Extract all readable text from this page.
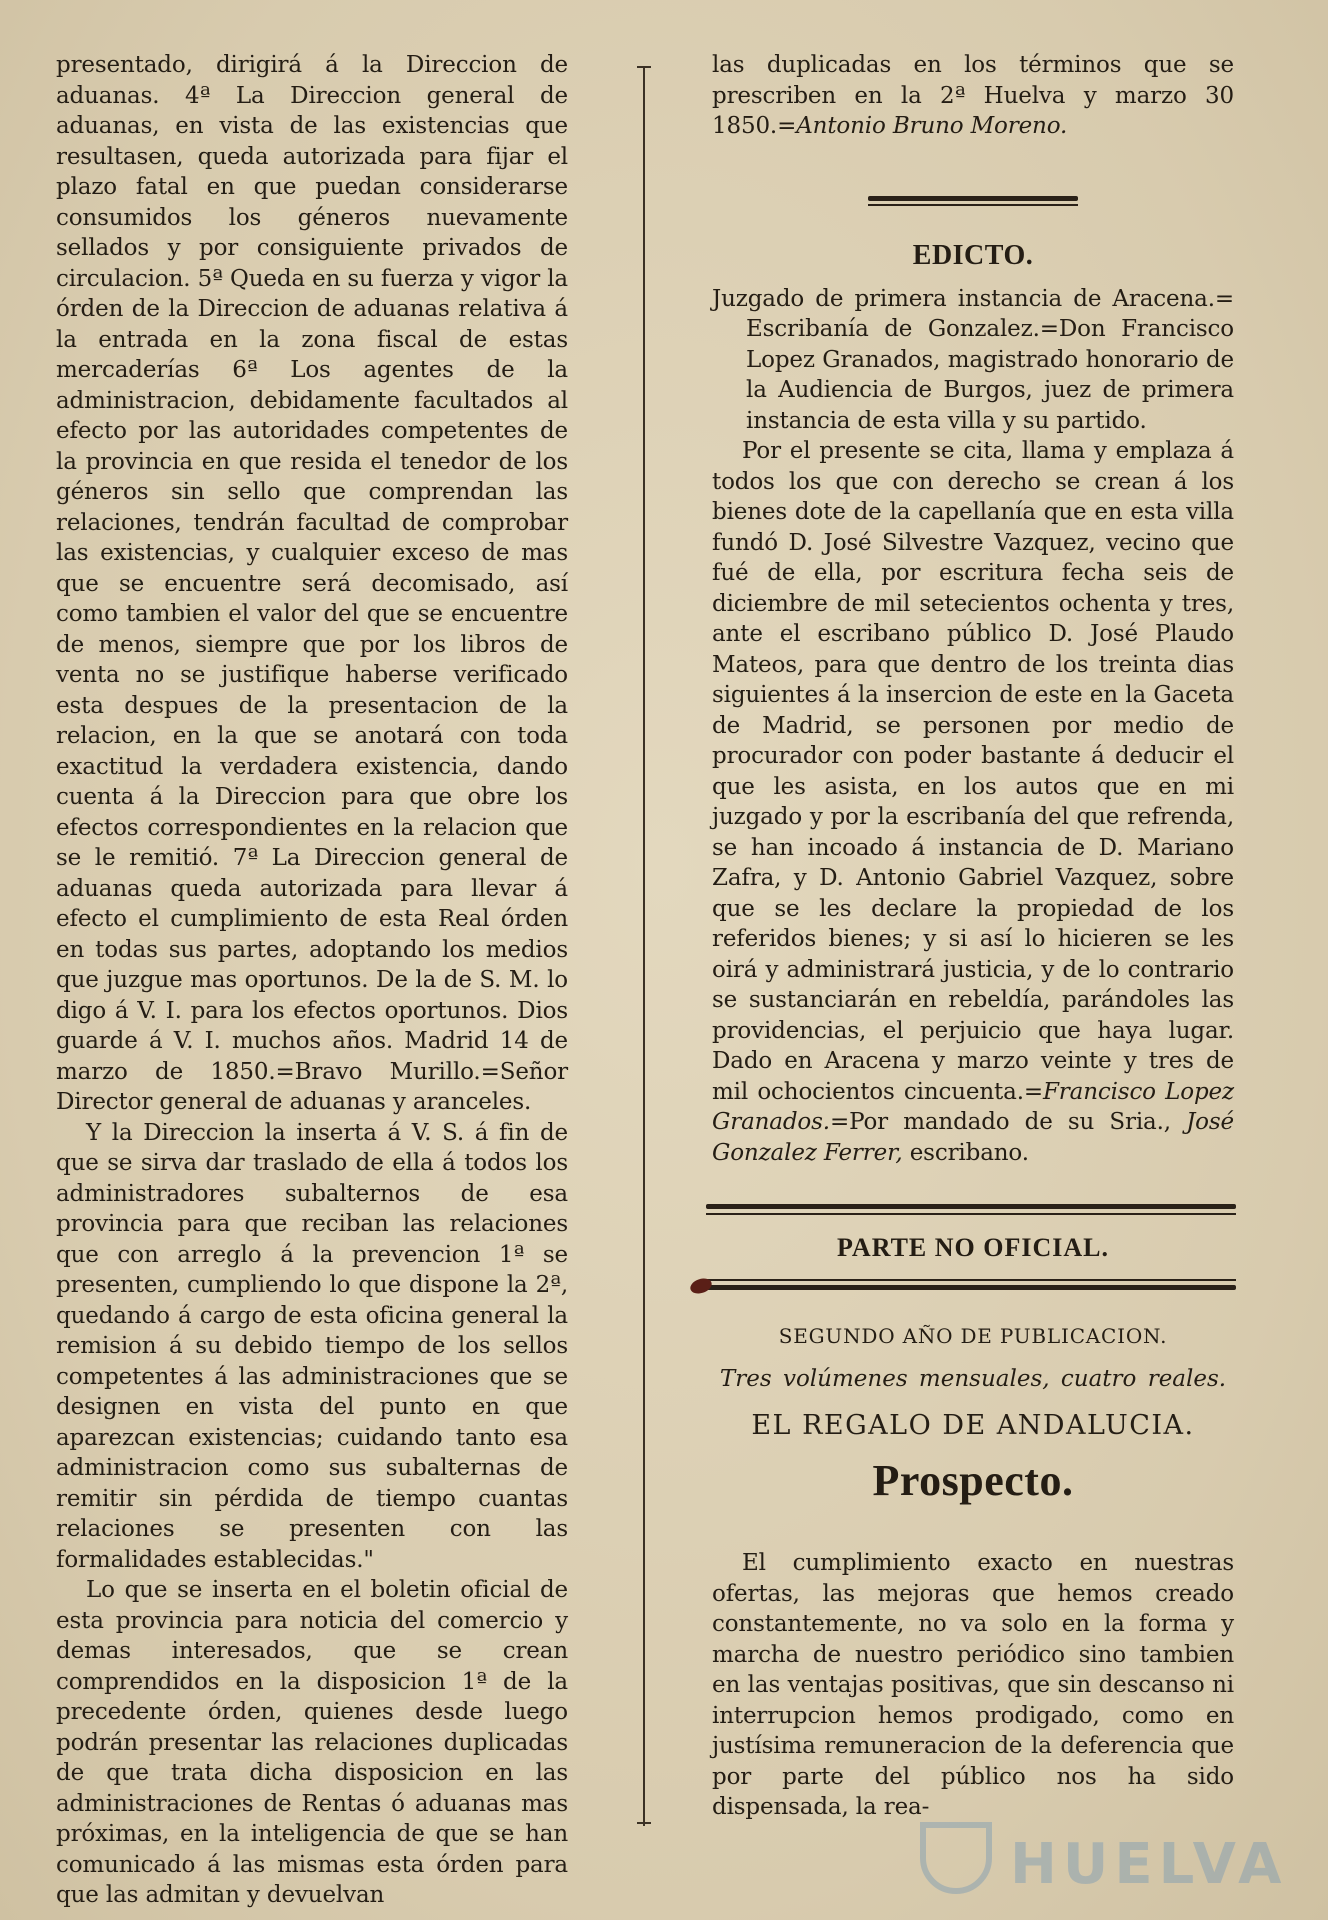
presentado, dirigirá á la Direccion de aduanas. 4ª La Direccion general de aduanas, en vista de las existencias que resultasen, queda autorizada para fijar el plazo fatal en que puedan considerarse consumidos los géneros nuevamente sellados y por consiguiente privados de circulacion. 5ª Queda en su fuerza y vigor la órden de la Direccion de aduanas relativa á la entrada en la zona fiscal de estas mercaderías 6ª Los agentes de la administracion, debidamente facultados al efecto por las autoridades competentes de la provincia en que resida el tenedor de los géneros sin sello que comprendan las relaciones, tendrán facultad de comprobar las existencias, y cualquier exceso de mas que se encuentre será decomisado, así como tambien el valor del que se encuentre de menos, siempre que por los libros de venta no se justifique haberse verificado esta despues de la presentacion de la relacion, en la que se anotará con toda exactitud la verdadera existencia, dando cuenta á la Direccion para que obre los efectos correspondientes en la relacion que se le remitió. 7ª La Direccion general de aduanas queda autorizada para llevar á efecto el cumplimiento de esta Real órden en todas sus partes, adoptando los medios que juzgue mas oportunos. De la de S. M. lo digo á V. I. para los efectos oportunos. Dios guarde á V. I. muchos años. Madrid 14 de marzo de 1850.=Bravo Murillo.=Señor Director general de aduanas y aranceles.

Y la Direccion la inserta á V. S. á fin de que se sirva dar traslado de ella á todos los administradores subalternos de esa provincia para que reciban las relaciones que con arreglo á la prevencion 1ª se presenten, cumpliendo lo que dispone la 2ª, quedando á cargo de esta oficina general la remision á su debido tiempo de los sellos competentes á las administraciones que se designen en vista del punto en que aparezcan existencias; cuidando tanto esa administracion como sus subalternas de remitir sin pérdida de tiempo cuantas relaciones se presenten con las formalidades establecidas."

Lo que se inserta en el boletin oficial de esta provincia para noticia del comercio y demas interesados, que se crean comprendidos en la disposicion 1ª de la precedente órden, quienes desde luego podrán presentar las relaciones duplicadas de que trata dicha disposicion en las administraciones de Rentas ó aduanas mas próximas, en la inteligencia de que se han comunicado á las mismas esta órden para que las admitan y devuelvan

las duplicadas en los términos que se prescriben en la 2ª Huelva y marzo 30 1850.=Antonio Bruno Moreno.

EDICTO.

Juzgado de primera instancia de Aracena.= Escribanía de Gonzalez.=Don Francisco Lopez Granados, magistrado honorario de la Audiencia de Burgos, juez de primera instancia de esta villa y su partido.

Por el presente se cita, llama y emplaza á todos los que con derecho se crean á los bienes dote de la capellanía que en esta villa fundó D. José Silvestre Vazquez, vecino que fué de ella, por escritura fecha seis de diciembre de mil setecientos ochenta y tres, ante el escribano público D. José Plaudo Mateos, para que dentro de los treinta dias siguientes á la insercion de este en la Gaceta de Madrid, se personen por medio de procurador con poder bastante á deducir el que les asista, en los autos que en mi juzgado y por la escribanía del que refrenda, se han incoado á instancia de D. Mariano Zafra, y D. Antonio Gabriel Vazquez, sobre que se les declare la propiedad de los referidos bienes; y si así lo hicieren se les oirá y administrará justicia, y de lo contrario se sustanciarán en rebeldía, parándoles las providencias, el perjuicio que haya lugar. Dado en Aracena y marzo veinte y tres de mil ochocientos cincuenta.=Francisco Lopez Granados.=Por mandado de su Sria., José Gonzalez Ferrer, escribano.

PARTE NO OFICIAL.
SEGUNDO AÑO DE PUBLICACION.
Tres volúmenes mensuales, cuatro reales.
EL REGALO DE ANDALUCIA.
Prospecto.

El cumplimiento exacto en nuestras ofertas, las mejoras que hemos creado constantemente, no va solo en la forma y marcha de nuestro periódico sino tambien en las ventajas positivas, que sin descanso ni interrupcion hemos prodigado, como en justísima remuneracion de la deferencia que por parte del público nos ha sido dispensada, la rea-

HUELVA
